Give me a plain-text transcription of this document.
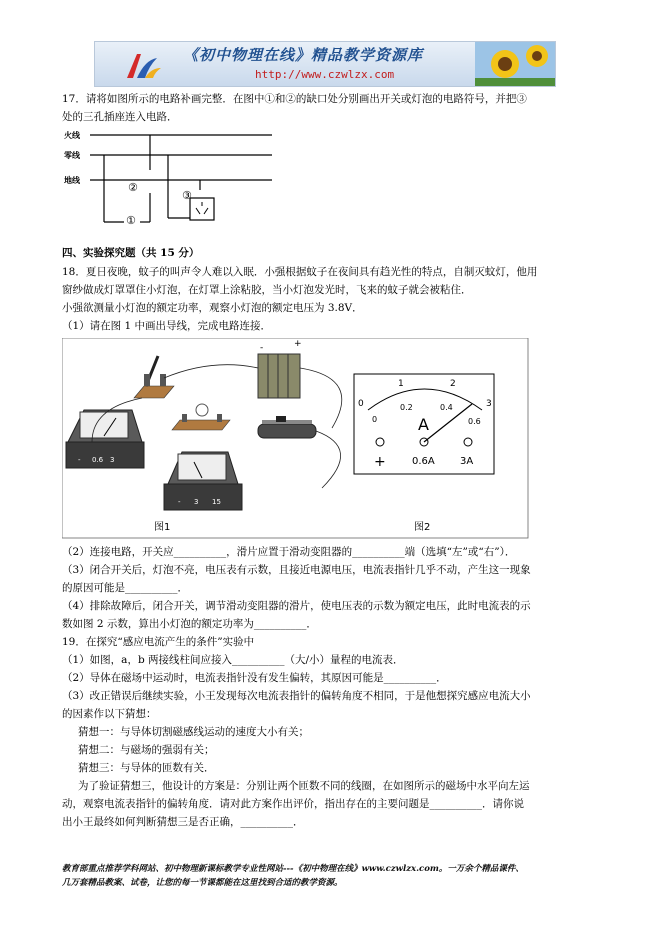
《初中物理在线》精品教学资源库
http://www.czwlzx.com
17．请将如图所示的电路补画完整．在图中①和②的缺口处分别画出开关或灯泡的电路符号，并把③
处的三孔插座连入电路．
火线
零线
地线
①
②
③
四、实验探究题（共 15 分）
18．夏日夜晚，蚊子的叫声令人难以入眠．小强根据蚊子在夜间具有趋光性的特点，自制灭蚊灯，他用
窗纱做成灯罩罩住小灯泡，在灯罩上涂粘胶，当小灯泡发光时，飞来的蚊子就会被粘住．
小强欲测量小灯泡的额定功率，观察小灯泡的额定电压为 3.8V．
（1）请在图 1 中画出导线，完成电路连接．
-	+
- 0.6 3
- 3 15
图1
0
1	2
3
0
0.2	0.4
0.6
A
+	0.6A	3A
图2
（2）连接电路，开关应__________，滑片应置于滑动变阻器的__________端（选填“左”或“右”）．
（3）闭合开关后，灯泡不亮，电压表有示数，且接近电源电压，电流表指针几乎不动，产生这一现象
的原因可能是__________．
（4）排除故障后，闭合开关，调节滑动变阻器的滑片，使电压表的示数为额定电压，此时电流表的示
数如图 2 示数，算出小灯泡的额定功率为__________．
19．在探究“感应电流产生的条件”实验中
（1）如图，a，b 两接线柱间应接入__________（大/小）量程的电流表．
（2）导体在磁场中运动时，电流表指针没有发生偏转，其原因可能是__________．
（3）改正错误后继续实验，小王发现每次电流表指针的偏转角度不相同，于是他想探究感应电流大小
的因素作以下猜想：
猜想一：与导体切割磁感线运动的速度大小有关；
猜想二：与磁场的强弱有关；
猜想三：与导体的匝数有关．
为了验证猜想三，他设计的方案是：分别让两个匝数不同的线圈，在如图所示的磁场中水平向左运
动，观察电流表指针的偏转角度．请对此方案作出评价，指出存在的主要问题是__________．请你说
出小王最终如何判断猜想三是否正确，__________．
教育部重点推荐学科网站、初中物理新课标教学专业性网站---《初中物理在线》www.czwlzx.com。一万余个精品课件、
几万套精品教案、试卷，让您的每一节课都能在这里找到合适的教学资源。
